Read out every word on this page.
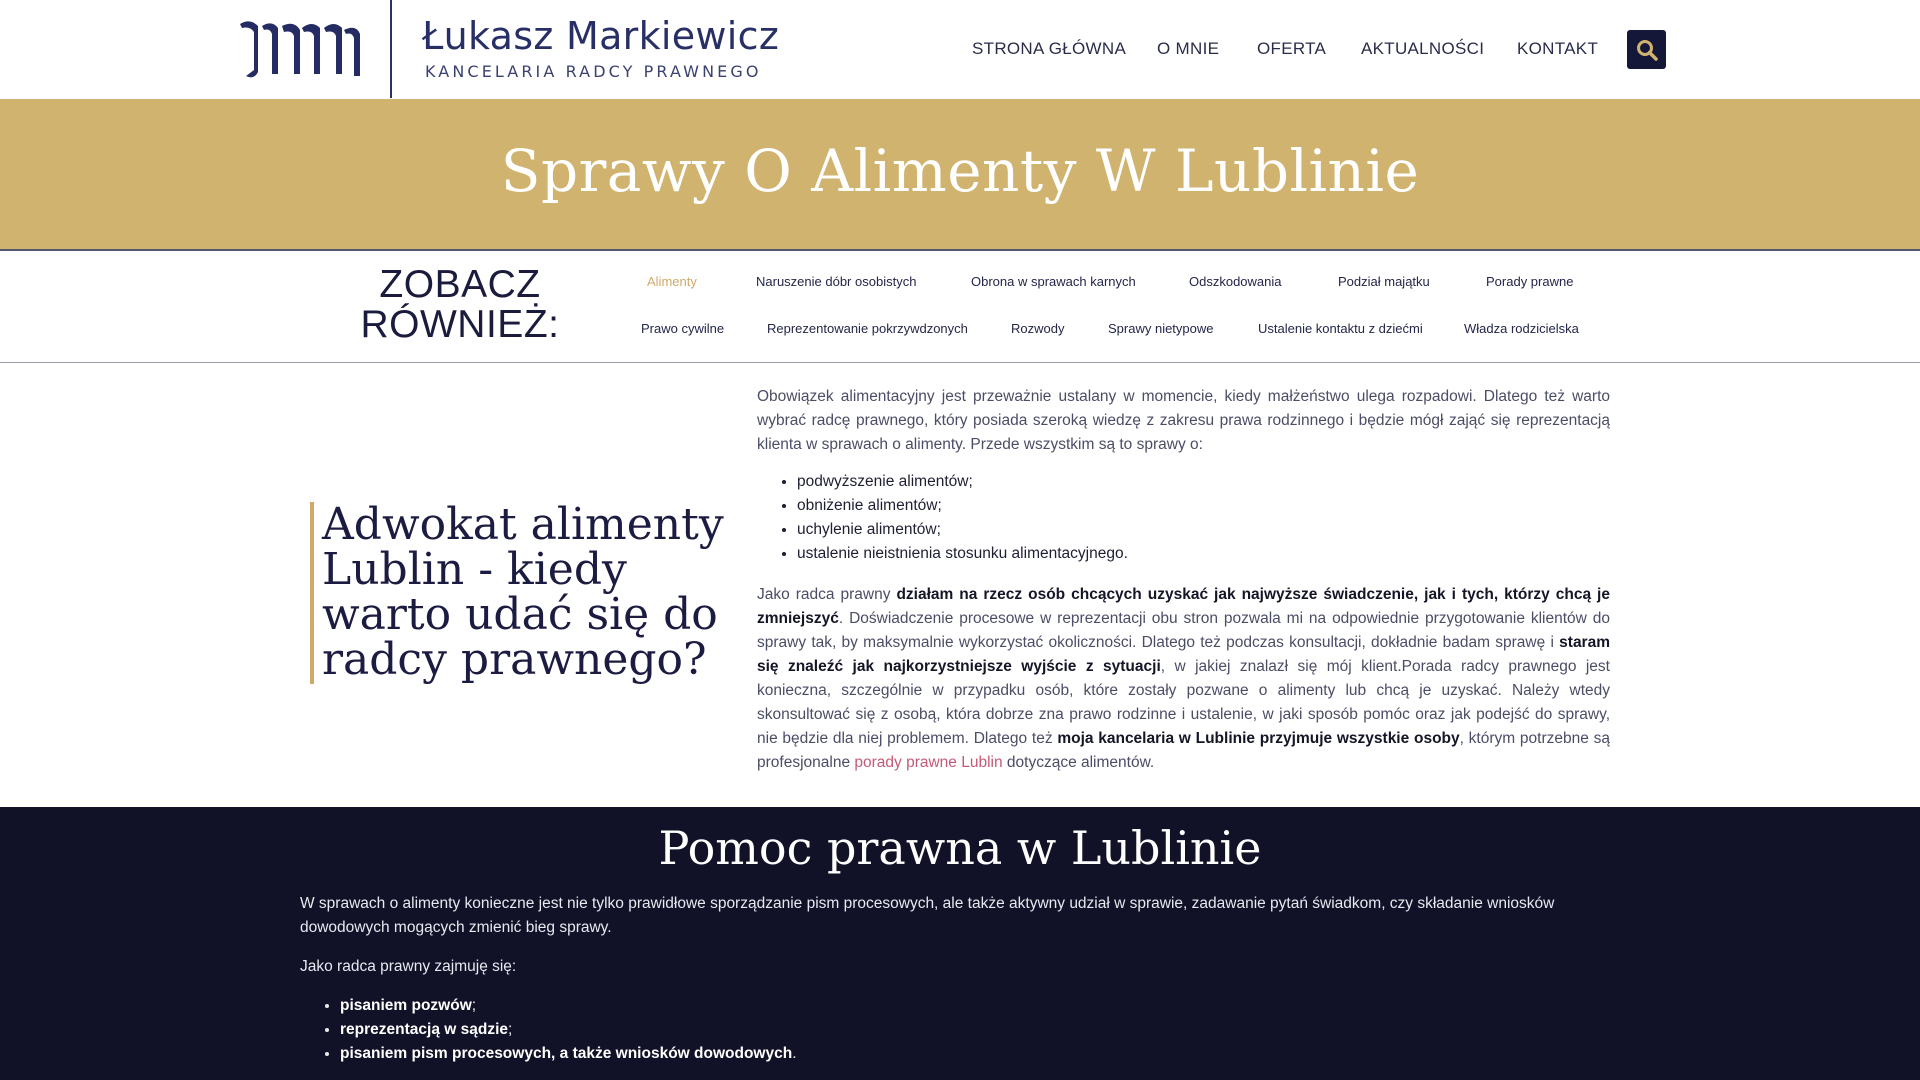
Łukasz Markiewicz
KANCELARIA RADCY PRAWNEGO
STRONA GŁÓWNA O MNIE OFERTA AKTUALNOŚCI KONTAKT
Sprawy O Alimenty W Lublinie
ZOBACZ
RÓWNIEŻ:
Alimenty	Naruszenie dóbr osobistych	Obrona w sprawach karnych	Odszkodowania	Podział majątku	Porady prawne
Prawo cywilne	Reprezentowanie pokrzywdzonych	Rozwody	Sprawy nietypowe	Ustalenie kontaktu z dziećmi	Władza rodzicielska
Adwokat alimenty Lublin - kiedy warto udać się do radcy prawnego?

Obowiązek alimentacyjny jest przeważnie ustalany w momencie, kiedy małżeństwo ulega rozpadowi. Dlatego też warto wybrać radcę prawnego, który posiada szeroką wiedzę z zakresu prawa rodzinnego i będzie mógł zająć się reprezentacją klienta w sprawach o alimenty. Przede wszystkim są to sprawy o:

• podwyższenie alimentów;
• obniżenie alimentów;
• uchylenie alimentów;
• ustalenie nieistnienia stosunku alimentacyjnego.

Jako radca prawny działam na rzecz osób chcących uzyskać jak najwyższe świadczenie, jak i tych, którzy chcą je zmniejszyć. Doświadczenie procesowe w reprezentacji obu stron pozwala mi na odpowiednie przygotowanie klientów do sprawy tak, by maksymalnie wykorzystać okoliczności. Dlatego też podczas konsultacji, dokładnie badam sprawę i staram się znaleźć jak najkorzystniejsze wyjście z sytuacji, w jakiej znalazł się mój klient.Porada radcy prawnego jest konieczna, szczególnie w przypadku osób, które zostały pozwane o alimenty lub chcą je uzyskać. Należy wtedy skonsultować się z osobą, która dobrze zna prawo rodzinne i ustalenie, w jaki sposób pomóc oraz jak podejść do sprawy, nie będzie dla niej problemem. Dlatego też moja kancelaria w Lublinie przyjmuje wszystkie osoby, którym potrzebne są profesjonalne porady prawne Lublin dotyczące alimentów.

Pomoc prawna w Lublinie

W sprawach o alimenty konieczne jest nie tylko prawidłowe sporządzanie pism procesowych, ale także aktywny udział w sprawie, zadawanie pytań świadkom, czy składanie wniosków dowodowych mogących zmienić bieg sprawy.

Jako radca prawny zajmuję się:

• pisaniem pozwów;
• reprezentacją w sądzie;
• pisaniem pism procesowych, a także wniosków dowodowych.
